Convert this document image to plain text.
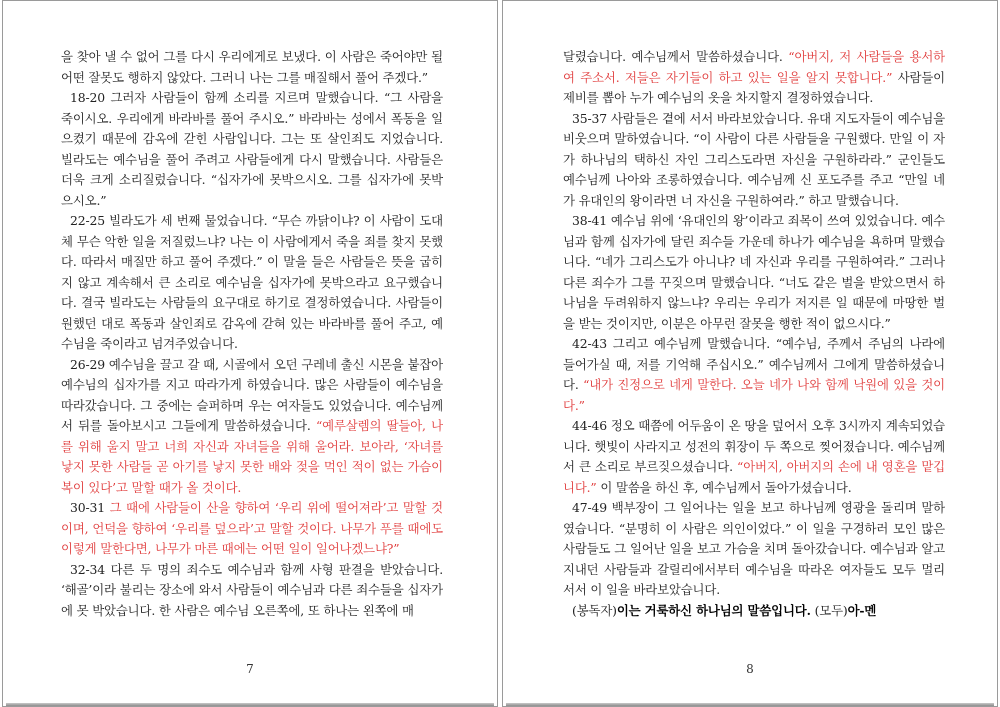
을 찾아 낼 수 없어 그를 다시 우리에게로 보냈다. 이 사람은 죽어야만 될 어떤 잘못도 행하지 않았다. 그러니 나는 그를 매질해서 풀어 주겠다.”

18-20 그러자 사람들이 함께 소리를 지르며 말했습니다. “그 사람을 죽이시오. 우리에게 바라바를 풀어 주시오.” 바라바는 성에서 폭동을 일으켰기 때문에 감옥에 갇힌 사람입니다. 그는 또 살인죄도 지었습니다. 빌라도는 예수님을 풀어 주려고 사람들에게 다시 말했습니다. 사람들은 더욱 크게 소리질렀습니다. “십자가에 못박으시오. 그를 십자가에 못박으시오.”

22-25 빌라도가 세 번째 물었습니다. “무슨 까닭이냐? 이 사람이 도대체 무슨 악한 일을 저질렀느냐? 나는 이 사람에게서 죽을 죄를 찾지 못했다. 따라서 매질만 하고 풀어 주겠다.” 이 말을 들은 사람들은 뜻을 굽히지 않고 계속해서 큰 소리로 예수님을 십자가에 못박으라고 요구했습니다. 결국 빌라도는 사람들의 요구대로 하기로 결정하였습니다. 사람들이 원했던 대로 폭동과 살인죄로 감옥에 갇혀 있는 바라바를 풀어 주고, 예수님을 죽이라고 넘겨주었습니다.

26-29 예수님을 끌고 갈 때, 시골에서 오던 구레네 출신 시몬을 붙잡아 예수님의 십자가를 지고 따라가게 하였습니다. 많은 사람들이 예수님을 따라갔습니다. 그 중에는 슬퍼하며 우는 여자들도 있었습니다. 예수님께서 뒤를 돌아보시고 그들에게 말씀하셨습니다. “예루살렘의 딸들아, 나를 위해 울지 말고 너희 자신과 자녀들을 위해 울어라. 보아라, ‘자녀를 낳지 못한 사람들 곧 아기를 낳지 못한 배와 젖을 먹인 적이 없는 가슴이 복이 있다’고 말할 때가 올 것이다.

30-31 그 때에 사람들이 산을 향하여 ‘우리 위에 떨어져라’고 말할 것이며, 언덕을 향하여 ‘우리를 덮으라’고 말할 것이다. 나무가 푸를 때에도 이렇게 말한다면, 나무가 마른 때에는 어떤 일이 일어나겠느냐?”

32-34 다른 두 명의 죄수도 예수님과 함께 사형 판결을 받았습니다. ‘해골’이라 불리는 장소에 와서 사람들이 예수님과 다른 죄수들을 십자가에 못 박았습니다. 한 사람은 예수님 오른쪽에, 또 하나는 왼쪽에 매

7

달렸습니다. 예수님께서 말씀하셨습니다. “아버지, 저 사람들을 용서하여 주소서. 저들은 자기들이 하고 있는 일을 알지 못합니다.” 사람들이 제비를 뽑아 누가 예수님의 옷을 차지할지 결정하였습니다.

35-37 사람들은 곁에 서서 바라보았습니다. 유대 지도자들이 예수님을 비웃으며 말하였습니다. “이 사람이 다른 사람들을 구원했다. 만일 이 자가 하나님의 택하신 자인 그리스도라면 자신을 구원하라라.” 군인들도 예수님께 나아와 조롱하였습니다. 예수님께 신 포도주를 주고 “만일 네가 유대인의 왕이라면 너 자신을 구원하여라.” 하고 말했습니다.

38-41 예수님 위에 ‘유대인의 왕’이라고 죄목이 쓰여 있었습니다. 예수님과 함께 십자가에 달린 죄수들 가운데 하나가 예수님을 욕하며 말했습니다. “네가 그리스도가 아니냐? 네 자신과 우리를 구원하여라.” 그러나 다른 죄수가 그를 꾸짖으며 말했습니다. “너도 같은 벌을 받았으면서 하나님을 두려워하지 않느냐? 우리는 우리가 저지른 일 때문에 마땅한 벌을 받는 것이지만, 이분은 아무런 잘못을 행한 적이 없으시다.”

42-43 그리고 예수님께 말했습니다. “예수님, 주께서 주님의 나라에 들어가실 때, 저를 기억해 주십시오.” 예수님께서 그에게 말씀하셨습니다. “내가 진정으로 네게 말한다. 오늘 네가 나와 함께 낙원에 있을 것이다.”

44-46 정오 때쯤에 어두움이 온 땅을 덮어서 오후 3시까지 계속되었습니다. 햇빛이 사라지고 성전의 휘장이 두 쪽으로 찢어졌습니다. 예수님께서 큰 소리로 부르짖으셨습니다. “아버지, 아버지의 손에 내 영혼을 맡깁니다.” 이 말씀을 하신 후, 예수님께서 돌아가셨습니다.

47-49 백부장이 그 일어나는 일을 보고 하나님께 영광을 돌리며 말하였습니다. “분명히 이 사람은 의인이었다.” 이 일을 구경하러 모인 많은 사람들도 그 일어난 일을 보고 가슴을 치며 돌아갔습니다. 예수님과 알고 지내던 사람들과 갈릴리에서부터 예수님을 따라온 여자들도 모두 멀리 서서 이 일을 바라보았습니다.

(봉독자)이는 거룩하신 하나님의 말씀입니다. (모두)아-멘

8
